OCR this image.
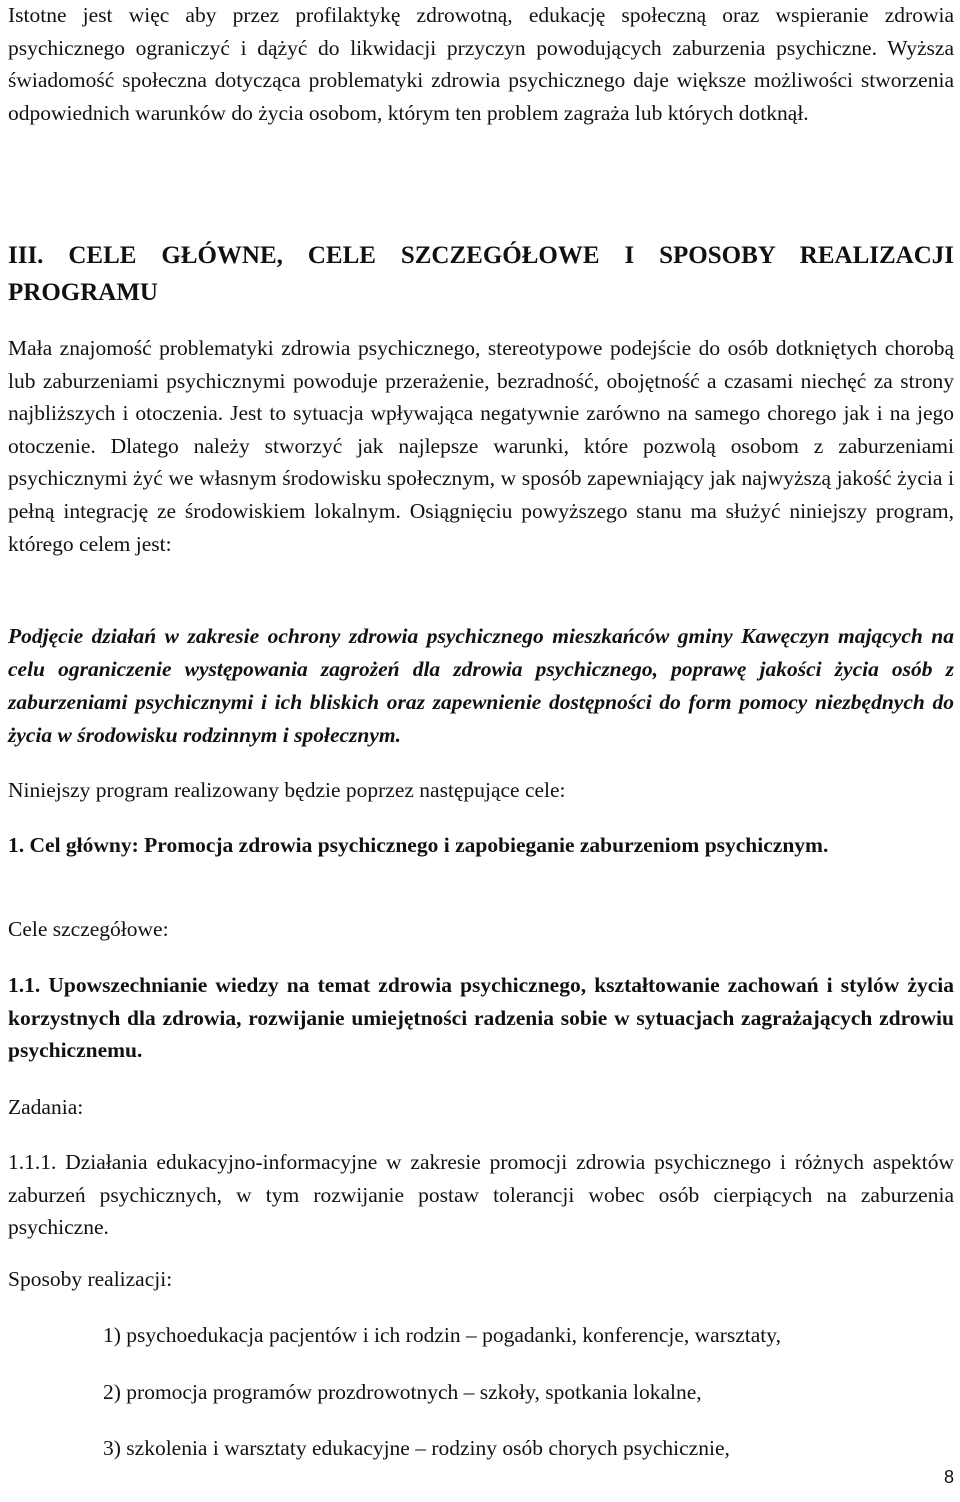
Istotne jest więc aby przez profilaktykę zdrowotną, edukację społeczną oraz wspieranie zdrowia psychicznego ograniczyć i dążyć do likwidacji przyczyn powodujących zaburzenia psychiczne. Wyższa świadomość społeczna dotycząca problematyki zdrowia psychicznego daje większe możliwości stworzenia odpowiednich warunków do życia osobom, którym ten problem zagraża lub których dotknął.

III. CELE GŁÓWNE, CELE SZCZEGÓŁOWE I SPOSOBY REALIZACJI PROGRAMU

Mała znajomość problematyki zdrowia psychicznego, stereotypowe podejście do osób dotkniętych chorobą lub zaburzeniami psychicznymi powoduje przerażenie, bezradność, obojętność a czasami niechęć za strony najbliższych i otoczenia. Jest to sytuacja wpływająca negatywnie zarówno na samego chorego jak i na jego otoczenie. Dlatego należy stworzyć jak najlepsze warunki, które pozwolą osobom z zaburzeniami psychicznymi żyć we własnym środowisku społecznym, w sposób zapewniający jak najwyższą jakość życia i pełną integrację ze środowiskiem lokalnym. Osiągnięciu powyższego stanu ma służyć niniejszy program, którego celem jest:

Podjęcie działań w zakresie ochrony zdrowia psychicznego mieszkańców gminy Kawęczyn mających na celu ograniczenie występowania zagrożeń dla zdrowia psychicznego, poprawę jakości życia osób z zaburzeniami psychicznymi i ich bliskich oraz zapewnienie dostępności do form pomocy niezbędnych do życia w środowisku rodzinnym i społecznym.

Niniejszy program realizowany będzie poprzez następujące cele:

1. Cel główny: Promocja zdrowia psychicznego i zapobieganie zaburzeniom psychicznym.

Cele szczegółowe:

1.1. Upowszechnianie wiedzy na temat zdrowia psychicznego, kształtowanie zachowań i stylów życia korzystnych dla zdrowia, rozwijanie umiejętności radzenia sobie w sytuacjach zagrażających zdrowiu psychicznemu.

Zadania:

1.1.1. Działania edukacyjno-informacyjne w zakresie promocji zdrowia psychicznego i różnych aspektów zaburzeń psychicznych, w tym rozwijanie postaw tolerancji wobec osób cierpiących na zaburzenia psychiczne.

Sposoby realizacji:

1) psychoedukacja pacjentów i ich rodzin – pogadanki, konferencje, warsztaty,
2) promocja programów prozdrowotnych – szkoły, spotkania lokalne,
3) szkolenia i warsztaty edukacyjne – rodziny osób chorych psychicznie,
8
